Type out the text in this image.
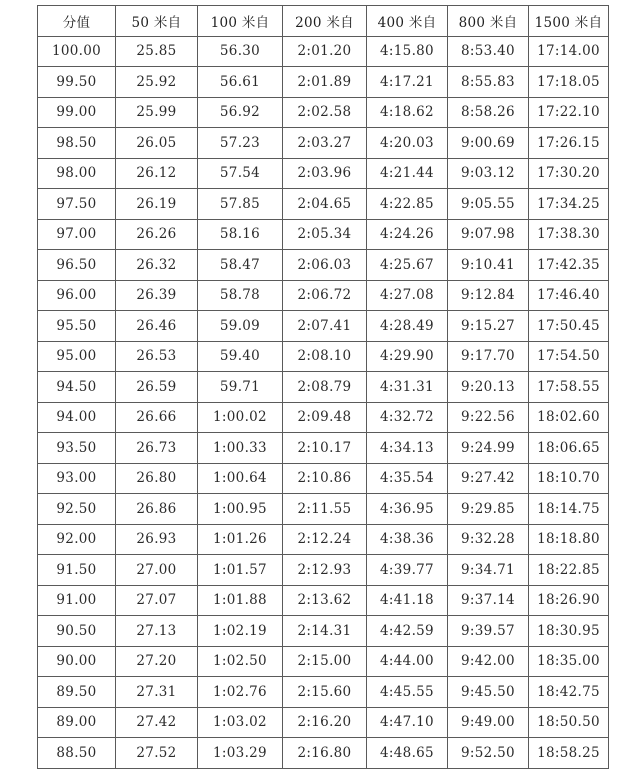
分值	50 米自	100 米自	200 米自	400 米自	800 米自	1500 米自
100.00	25.85	56.30	2:01.20	4:15.80	8:53.40	17:14.00
99.50	25.92	56.61	2:01.89	4:17.21	8:55.83	17:18.05
99.00	25.99	56.92	2:02.58	4:18.62	8:58.26	17:22.10
98.50	26.05	57.23	2:03.27	4:20.03	9:00.69	17:26.15
98.00	26.12	57.54	2:03.96	4:21.44	9:03.12	17:30.20
97.50	26.19	57.85	2:04.65	4:22.85	9:05.55	17:34.25
97.00	26.26	58.16	2:05.34	4:24.26	9:07.98	17:38.30
96.50	26.32	58.47	2:06.03	4:25.67	9:10.41	17:42.35
96.00	26.39	58.78	2:06.72	4:27.08	9:12.84	17:46.40
95.50	26.46	59.09	2:07.41	4:28.49	9:15.27	17:50.45
95.00	26.53	59.40	2:08.10	4:29.90	9:17.70	17:54.50
94.50	26.59	59.71	2:08.79	4:31.31	9:20.13	17:58.55
94.00	26.66	1:00.02	2:09.48	4:32.72	9:22.56	18:02.60
93.50	26.73	1:00.33	2:10.17	4:34.13	9:24.99	18:06.65
93.00	26.80	1:00.64	2:10.86	4:35.54	9:27.42	18:10.70
92.50	26.86	1:00.95	2:11.55	4:36.95	9:29.85	18:14.75
92.00	26.93	1:01.26	2:12.24	4:38.36	9:32.28	18:18.80
91.50	27.00	1:01.57	2:12.93	4:39.77	9:34.71	18:22.85
91.00	27.07	1:01.88	2:13.62	4:41.18	9:37.14	18:26.90
90.50	27.13	1:02.19	2:14.31	4:42.59	9:39.57	18:30.95
90.00	27.20	1:02.50	2:15.00	4:44.00	9:42.00	18:35.00
89.50	27.31	1:02.76	2:15.60	4:45.55	9:45.50	18:42.75
89.00	27.42	1:03.02	2:16.20	4:47.10	9:49.00	18:50.50
88.50	27.52	1:03.29	2:16.80	4:48.65	9:52.50	18:58.25
